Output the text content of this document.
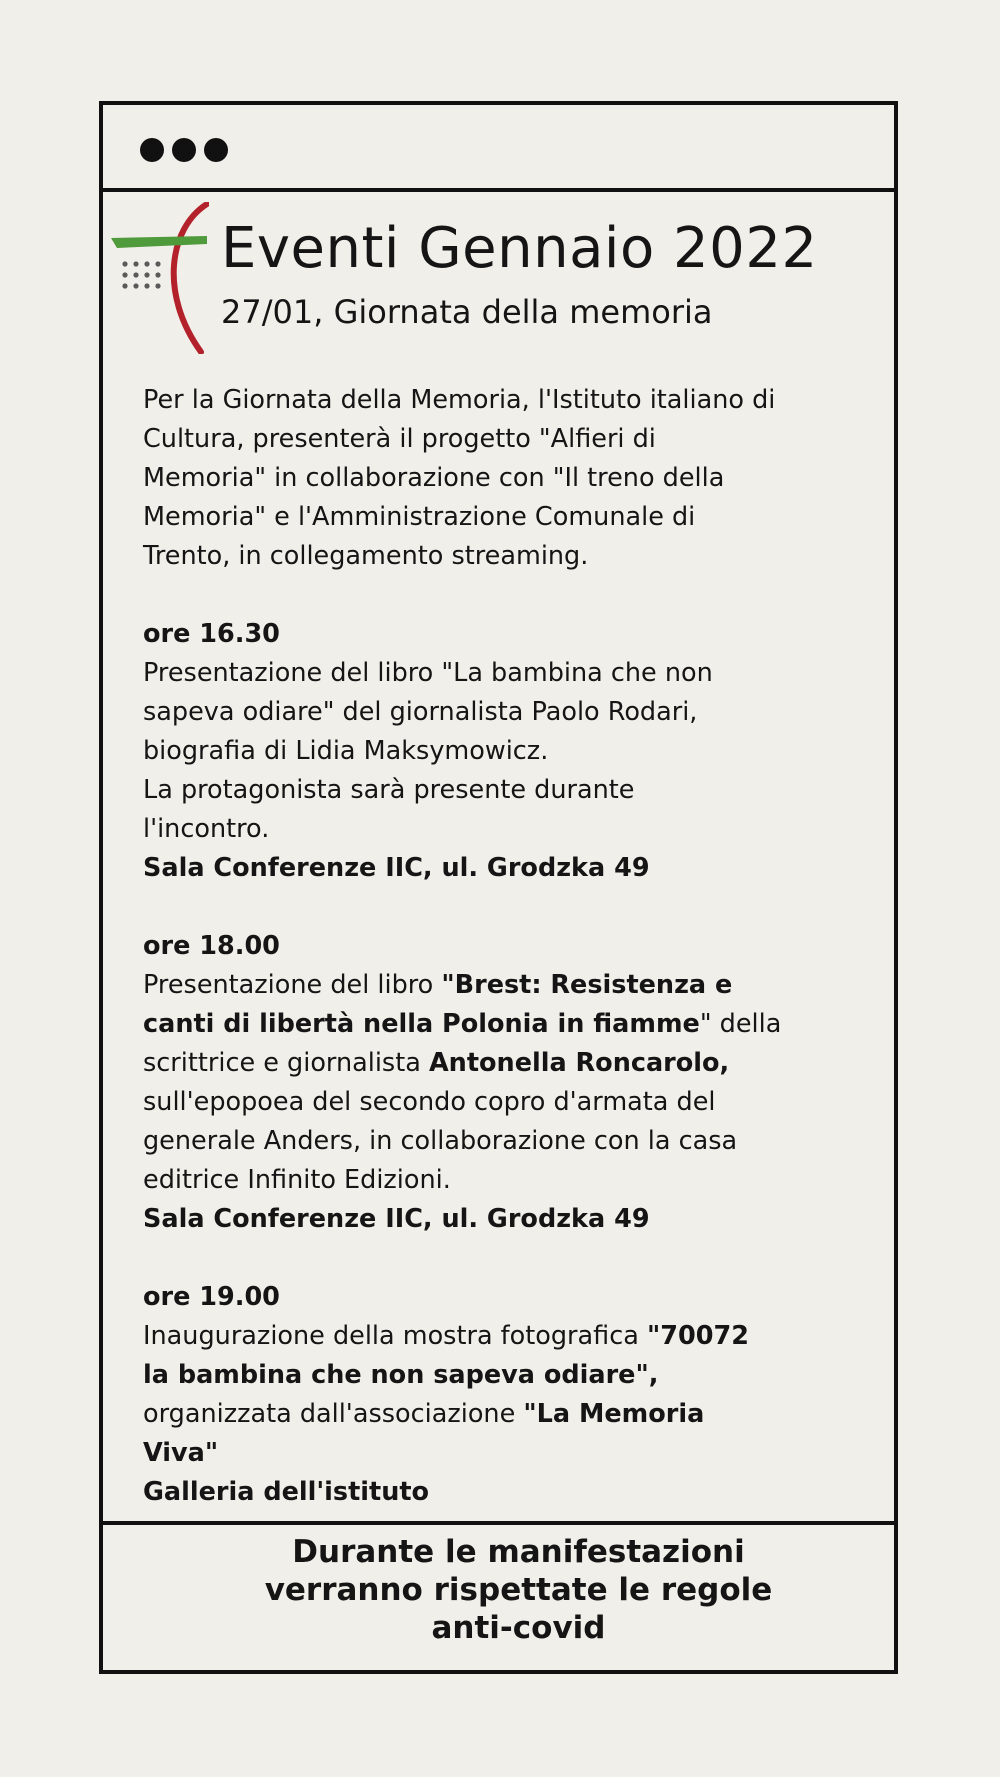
Eventi Gennaio 2022
27/01, Giornata della memoria

Per la Giornata della Memoria, l'Istituto italiano di

Cultura, presenterà il progetto "Alfieri di

Memoria" in collaborazione con "Il treno della

Memoria" e l'Amministrazione Comunale di

Trento, in collegamento streaming.

ore 16.30

Presentazione del libro "La bambina che non

sapeva odiare" del giornalista Paolo Rodari,

biografia di Lidia Maksymowicz.

La protagonista sarà presente durante

l'incontro.

Sala Conferenze IIC, ul. Grodzka 49

ore 18.00

Presentazione del libro "Brest: Resistenza e

canti di libertà nella Polonia in fiamme" della

scrittrice e giornalista Antonella Roncarolo,

sull'epopoea del secondo copro d'armata del

generale Anders, in collaborazione con la casa

editrice Infinito Edizioni.

Sala Conferenze IIC, ul. Grodzka 49

ore 19.00

Inaugurazione della mostra fotografica "70072

la bambina che non sapeva odiare",

organizzata dall'associazione "La Memoria

Viva"

Galleria dell'istituto

Durante le manifestazioni
verranno rispettate le regole
anti-covid
